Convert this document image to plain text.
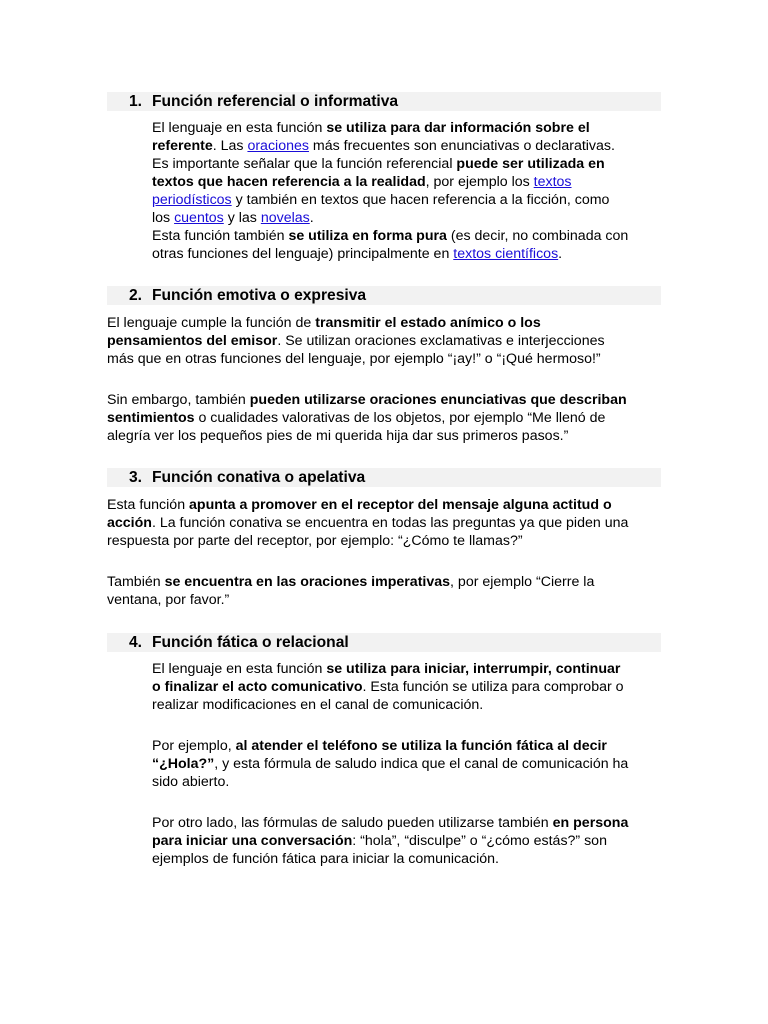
1. Función referencial o informativa

El lenguaje en esta función se utiliza para dar información sobre el

referente. Las oraciones más frecuentes son enunciativas o declarativas.

Es importante señalar que la función referencial puede ser utilizada en

textos que hacen referencia a la realidad, por ejemplo los textos

periodísticos y también en textos que hacen referencia a la ficción, como

los cuentos y las novelas.

Esta función también se utiliza en forma pura (es decir, no combinada con

otras funciones del lenguaje) principalmente en textos científicos.

2. Función emotiva o expresiva

El lenguaje cumple la función de transmitir el estado anímico o los

pensamientos del emisor. Se utilizan oraciones exclamativas e interjecciones

más que en otras funciones del lenguaje, por ejemplo “¡ay!” o “¡Qué hermoso!”

Sin embargo, también pueden utilizarse oraciones enunciativas que describan

sentimientos o cualidades valorativas de los objetos, por ejemplo “Me llenó de

alegría ver los pequeños pies de mi querida hija dar sus primeros pasos.”

3. Función conativa o apelativa

Esta función apunta a promover en el receptor del mensaje alguna actitud o

acción. La función conativa se encuentra en todas las preguntas ya que piden una

respuesta por parte del receptor, por ejemplo: “¿Cómo te llamas?”

También se encuentra en las oraciones imperativas, por ejemplo “Cierre la

ventana, por favor.”

4. Función fática o relacional

El lenguaje en esta función se utiliza para iniciar, interrumpir, continuar

o finalizar el acto comunicativo. Esta función se utiliza para comprobar o

realizar modificaciones en el canal de comunicación.

Por ejemplo, al atender el teléfono se utiliza la función fática al decir

“¿Hola?”, y esta fórmula de saludo indica que el canal de comunicación ha

sido abierto.

Por otro lado, las fórmulas de saludo pueden utilizarse también en persona

para iniciar una conversación: “hola”, “disculpe” o “¿cómo estás?” son

ejemplos de función fática para iniciar la comunicación.
